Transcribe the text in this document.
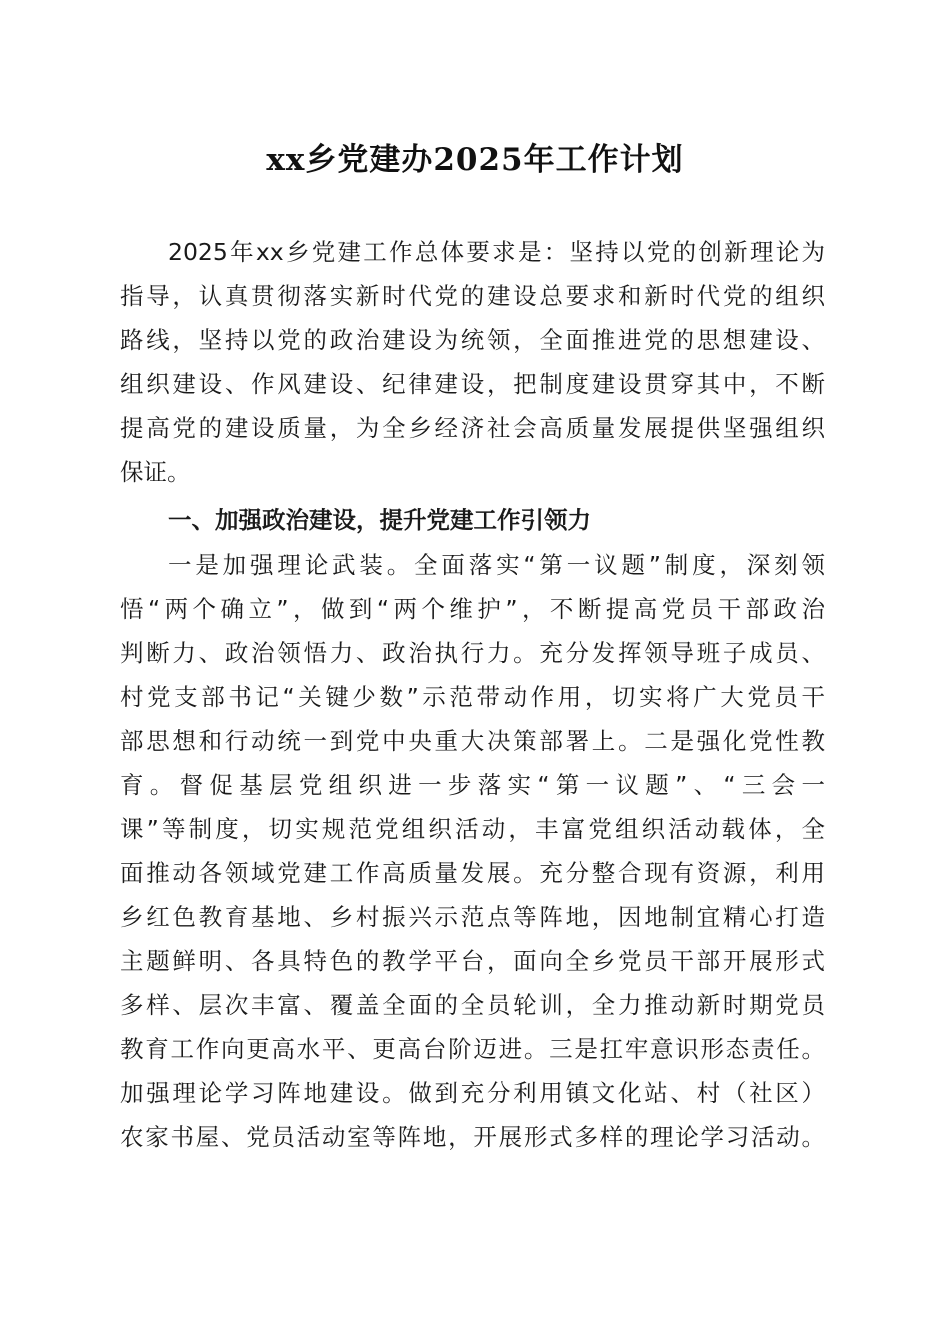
xx乡党建办2025年工作计划
2025年xx乡党建工作总体要求是：坚持以党的创新理论为
指导，认真贯彻落实新时代党的建设总要求和新时代党的组织
路线，坚持以党的政治建设为统领，全面推进党的思想建设、
组织建设、作风建设、纪律建设，把制度建设贯穿其中，不断
提高党的建设质量，为全乡经济社会高质量发展提供坚强组织
保证。
一、加强政治建设，提升党建工作引领力
一是加强理论武装。全面落实“第一议题”制度，深刻领
悟“两个确立”，做到“两个维护”，不断提高党员干部政治
判断力、政治领悟力、政治执行力。充分发挥领导班子成员、
村党支部书记“关键少数”示范带动作用，切实将广大党员干
部思想和行动统一到党中央重大决策部署上。二是强化党性教
育。督促基层党组织进一步落实“第一议题”、“三会一
课”等制度，切实规范党组织活动，丰富党组织活动载体，全
面推动各领域党建工作高质量发展。充分整合现有资源，利用
乡红色教育基地、乡村振兴示范点等阵地，因地制宜精心打造
主题鲜明、各具特色的教学平台，面向全乡党员干部开展形式
多样、层次丰富、覆盖全面的全员轮训，全力推动新时期党员
教育工作向更高水平、更高台阶迈进。三是扛牢意识形态责任。
加强理论学习阵地建设。做到充分利用镇文化站、村（社区）
农家书屋、党员活动室等阵地，开展形式多样的理论学习活动。
